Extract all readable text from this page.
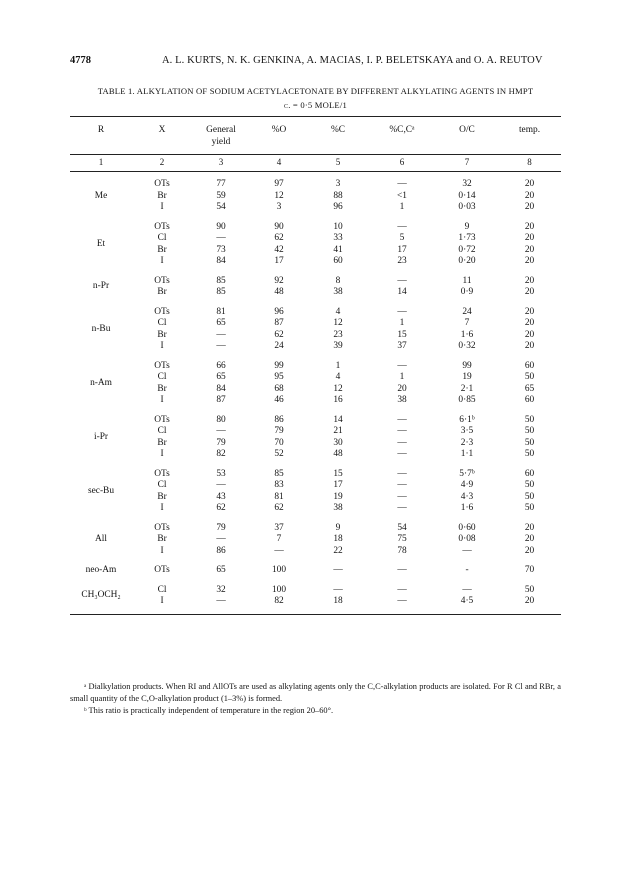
4778	A. L. KURTS, N. K. GENKINA, A. MACIAS, I. P. BELETSKAYA and O. A. REUTOV
TABLE 1. ALKYLATION OF SODIUM ACETYLACETONATE BY DIFFERENT ALKYLATING AGENTS IN HMPT
c. = 0·5 MOLE/1
R	X	General yield	%O	%C	%C,Cᵃ	O/C	temp.
1	2	3	4	5	6	7	8

Me	OTs	77	97	3	—	32	20
	Br	59	12	88	<1	0·14	20
	I	54	3	96	1	0·03	20

Et	OTs	90	90	10	—	9	20
	Cl	—	62	33	5	1·73	20
	Br	73	42	41	17	0·72	20
	I	84	17	60	23	0·20	20

n-Pr	OTs	85	92	8	—	11	20
	Br	85	48	38	14	0·9	20

n-Bu	OTs	81	96	4	—	24	20
	Cl	65	87	12	1	7	20
	Br	—	62	23	15	1·6	20
	I	—	24	39	37	0·32	20

n-Am	OTs	66	99	1	—	99	60
	Cl	65	95	4	1	19	50
	Br	84	68	12	20	2·1	65
	I	87	46	16	38	0·85	60

i-Pr	OTs	80	86	14	—	6·1ᵇ	50
	Cl	—	79	21	—	3·5	50
	Br	79	70	30	—	2·3	50
	I	82	52	48	—	1·1	50

sec-Bu	OTs	53	85	15	—	5·7ᵇ	60
	Cl	—	83	17	—	4·9	50
	Br	43	81	19	—	4·3	50
	I	62	62	38	—	1·6	50

All	OTs	79	37	9	54	0·60	20
	Br	—	7	18	75	0·08	20
	I	86	—	22	78	—	20

neo-Am	OTs	65	100	—	—	-	70

CH₃OCH₂	Cl	32	100	—	—	—	50
	I	—	82	18	—	4·5	20

ᵃ Dialkylation products. When RI and AllOTs are used as alkylating agents only the C,C-alkylation products are isolated. For R Cl and RBr, a small quantity of the C,O-alkylation product (1–3%) is formed.

ᵇ This ratio is practically independent of temperature in the region 20–60°.
